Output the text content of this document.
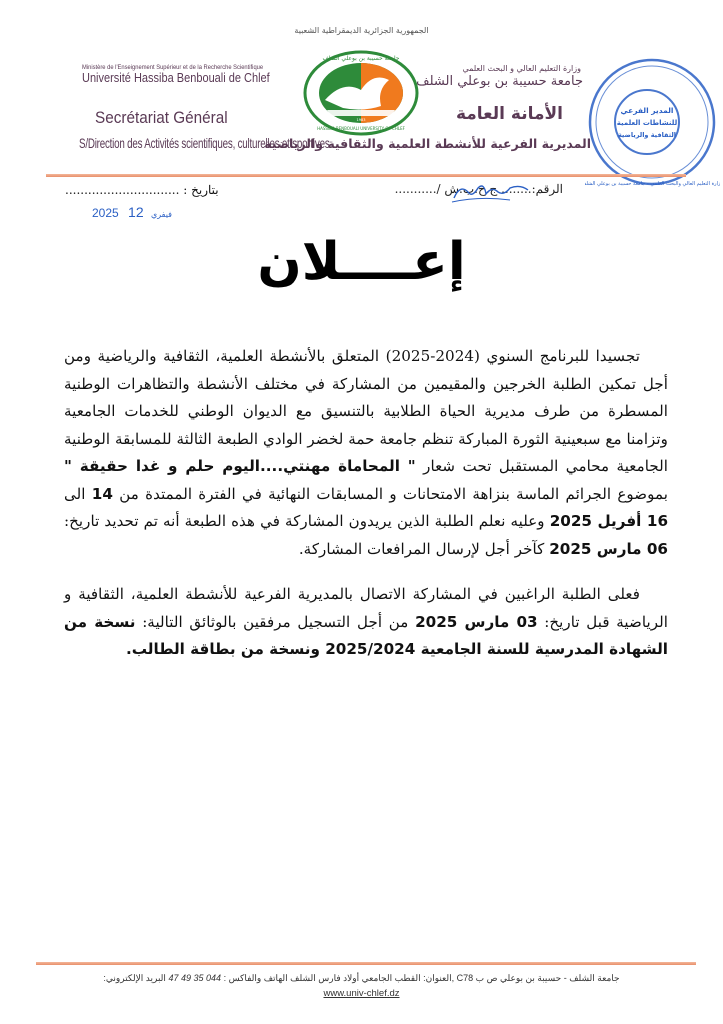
الجمهورية الجزائرية الديمقراطية الشعبية
Ministère de l'Enseignement Supérieur et de la Recherche Scientifique
Université Hassiba Benbouali de Chlef
Secrétariat Général
S/Direction des Activités scientifiques, culturelles et sportives
HASSIBA BENBOUALI UNIVERSITY OF CHLEF
جامعة حسيبة بن بوعلي الشلف
1983
وزارة التعليم العالي و البحث العلمي
جامعة حسيبة بن بوعلي الشلف
الأمانة العامة
المديرية الفرعية للأنشطة العلمية والثقافية والرياضية
المدير الفرعي
للنشاطات العلمية
الثقافية والرياضية
وزارة التعليم العالي والبحث العلمي - جامعة حسيبة بن بوعلي الشلف
بتاريخ : ..............................
2025	فيفري 12
الرقم:........ ج.ح.ب.ش /...........
إعــــلان

تجسيدا للبرنامج السنوي (2024-2025) المتعلق بالأنشطة العلمية، الثقافية والرياضية ومن أجل تمكين الطلبة الخرجين والمقيمين من المشاركة في مختلف الأنشطة والتظاهرات الوطنية المسطرة من طرف مديرية الحياة الطلابية بالتنسيق مع الديوان الوطني للخدمات الجامعية وتزامنا مع سبعينية الثورة المباركة تنظم جامعة حمة لخضر الوادي الطبعة الثالثة للمسابقة الوطنية الجامعية محامي المستقبل تحت شعار " المحاماة مهنتي....اليوم حلم و غدا حقيقة " بموضوع الجرائم الماسة بنزاهة الامتحانات و المسابقات النهائية في الفترة الممتدة من 14 الى 16 أفريل 2025 وعليه نعلم الطلبة الذين يريدون المشاركة في هذه الطبعة أنه تم تحديد تاريخ: 06 مارس 2025 كآخر أجل لإرسال المرافعات المشاركة.

فعلى الطلبة الراغبين في المشاركة الاتصال بالمديرية الفرعية للأنشطة العلمية، الثقافية و الرياضية قبل تاريخ: 03 مارس 2025 من أجل التسجيل مرفقين بالوثائق التالية: نسخة من الشهادة المدرسية للسنة الجامعية 2025/2024 ونسخة من بطاقة الطالب.

جامعة الشلف - حسيبة بن بوعلي ص ب C78 ,العنوان: القطب الجامعي أولاد فارس الشلف الهاتف والفاكس : 044 35 49 47 البريد الإلكتروني:
www.univ-chlef.dz
